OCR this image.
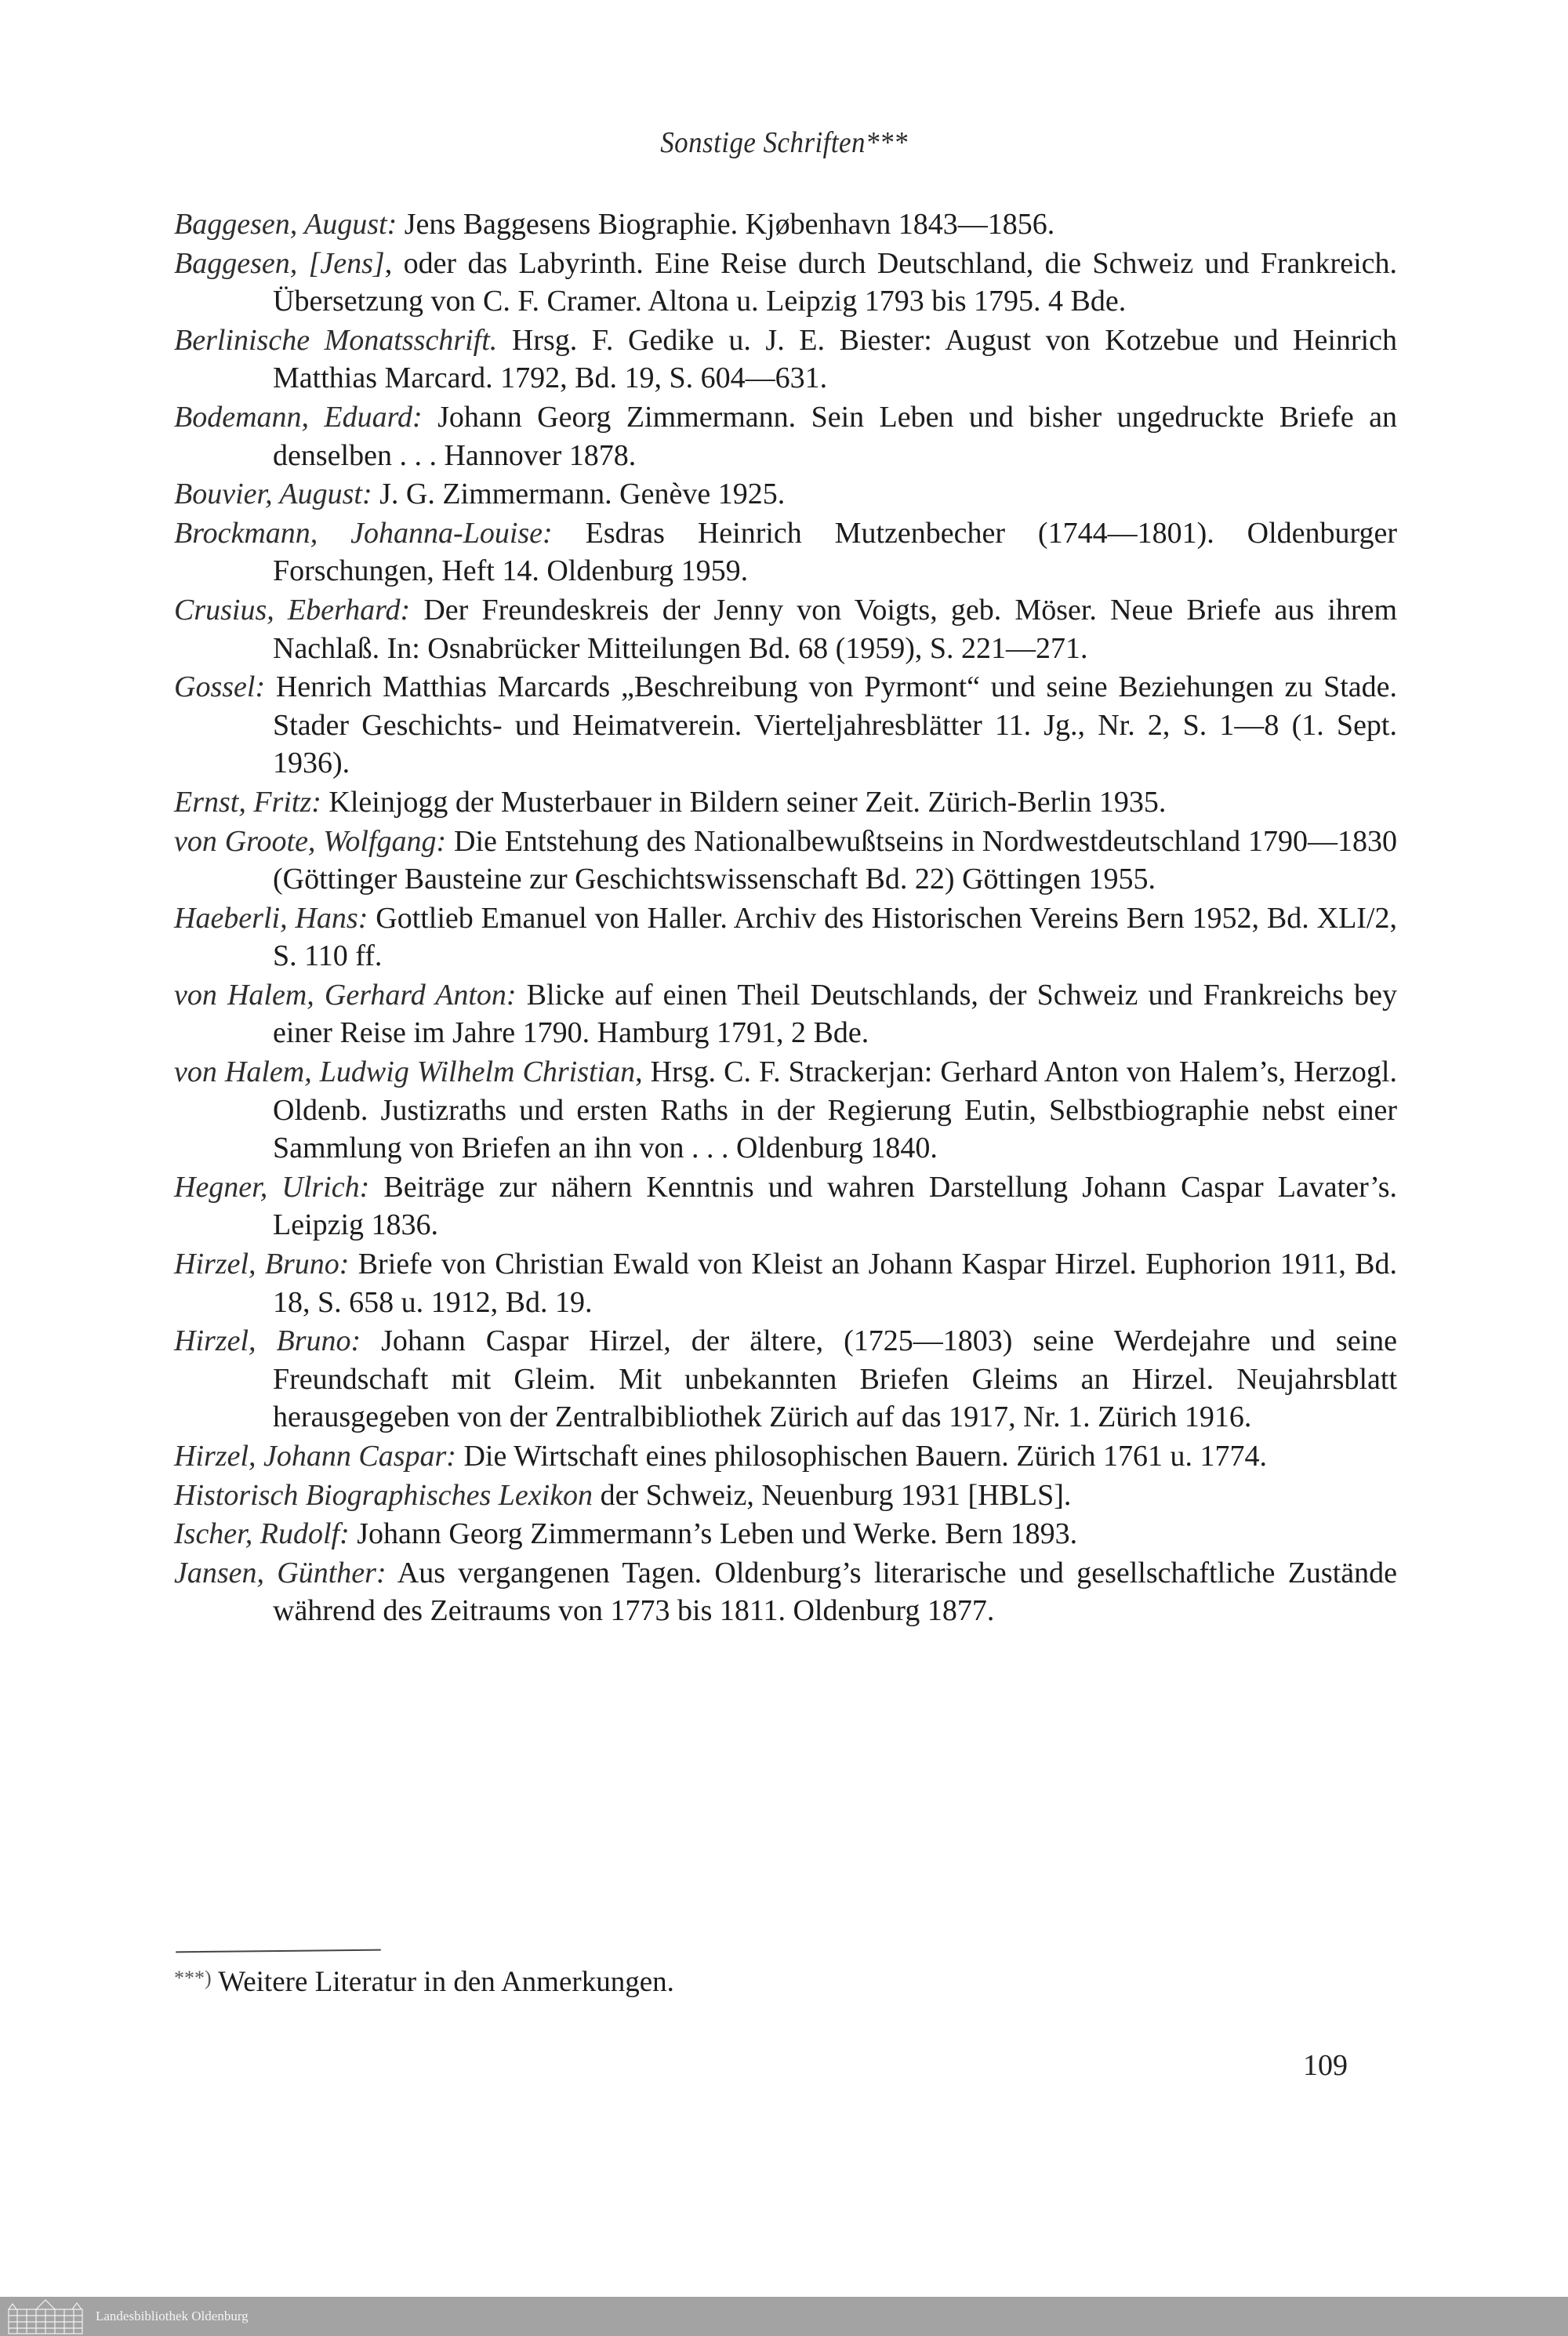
Sonstige Schriften***

Baggesen, August: Jens Baggesens Biographie. Kjøbenhavn 1843—1856.

Baggesen, [Jens], oder das Labyrinth. Eine Reise durch Deutschland, die Schweiz und Frankreich. Übersetzung von C. F. Cramer. Altona u. Leipzig 1793 bis 1795. 4 Bde.

Berlinische Monatsschrift. Hrsg. F. Gedike u. J. E. Biester: August von Kotzebue und Heinrich Matthias Marcard. 1792, Bd. 19, S. 604—631.

Bodemann, Eduard: Johann Georg Zimmermann. Sein Leben und bisher ungedruckte Briefe an denselben . . . Hannover 1878.

Bouvier, August: J. G. Zimmermann. Genève 1925.

Brockmann, Johanna-Louise: Esdras Heinrich Mutzenbecher (1744—1801). Oldenburger Forschungen, Heft 14. Oldenburg 1959.

Crusius, Eberhard: Der Freundeskreis der Jenny von Voigts, geb. Möser. Neue Briefe aus ihrem Nachlaß. In: Osnabrücker Mitteilungen Bd. 68 (1959), S. 221—271.

Gossel: Henrich Matthias Marcards „Beschreibung von Pyrmont“ und seine Beziehungen zu Stade. Stader Geschichts- und Heimatverein. Vierteljahresblätter 11. Jg., Nr. 2, S. 1—8 (1. Sept. 1936).

Ernst, Fritz: Kleinjogg der Musterbauer in Bildern seiner Zeit. Zürich-Berlin 1935.

von Groote, Wolfgang: Die Entstehung des Nationalbewußtseins in Nordwestdeutschland 1790—1830 (Göttinger Bausteine zur Geschichtswissenschaft Bd. 22) Göttingen 1955.

Haeberli, Hans: Gottlieb Emanuel von Haller. Archiv des Historischen Vereins Bern 1952, Bd. XLI/2, S. 110 ff.

von Halem, Gerhard Anton: Blicke auf einen Theil Deutschlands, der Schweiz und Frankreichs bey einer Reise im Jahre 1790. Hamburg 1791, 2 Bde.

von Halem, Ludwig Wilhelm Christian, Hrsg. C. F. Strackerjan: Gerhard Anton von Halem’s, Herzogl. Oldenb. Justizraths und ersten Raths in der Regierung Eutin, Selbstbiographie nebst einer Sammlung von Briefen an ihn von . . . Oldenburg 1840.

Hegner, Ulrich: Beiträge zur nähern Kenntnis und wahren Darstellung Johann Caspar Lavater’s. Leipzig 1836.

Hirzel, Bruno: Briefe von Christian Ewald von Kleist an Johann Kaspar Hirzel. Euphorion 1911, Bd. 18, S. 658 u. 1912, Bd. 19.

Hirzel, Bruno: Johann Caspar Hirzel, der ältere, (1725—1803) seine Werdejahre und seine Freundschaft mit Gleim. Mit unbekannten Briefen Gleims an Hirzel. Neujahrsblatt herausgegeben von der Zentralbibliothek Zürich auf das 1917, Nr. 1. Zürich 1916.

Hirzel, Johann Caspar: Die Wirtschaft eines philosophischen Bauern. Zürich 1761 u. 1774.

Historisch Biographisches Lexikon der Schweiz, Neuenburg 1931 [HBLS].

Ischer, Rudolf: Johann Georg Zimmermann’s Leben und Werke. Bern 1893.

Jansen, Günther: Aus vergangenen Tagen. Oldenburg’s literarische und gesellschaftliche Zustände während des Zeitraums von 1773 bis 1811. Oldenburg 1877.

***) Weitere Literatur in den Anmerkungen.
109
Landesbibliothek Oldenburg
